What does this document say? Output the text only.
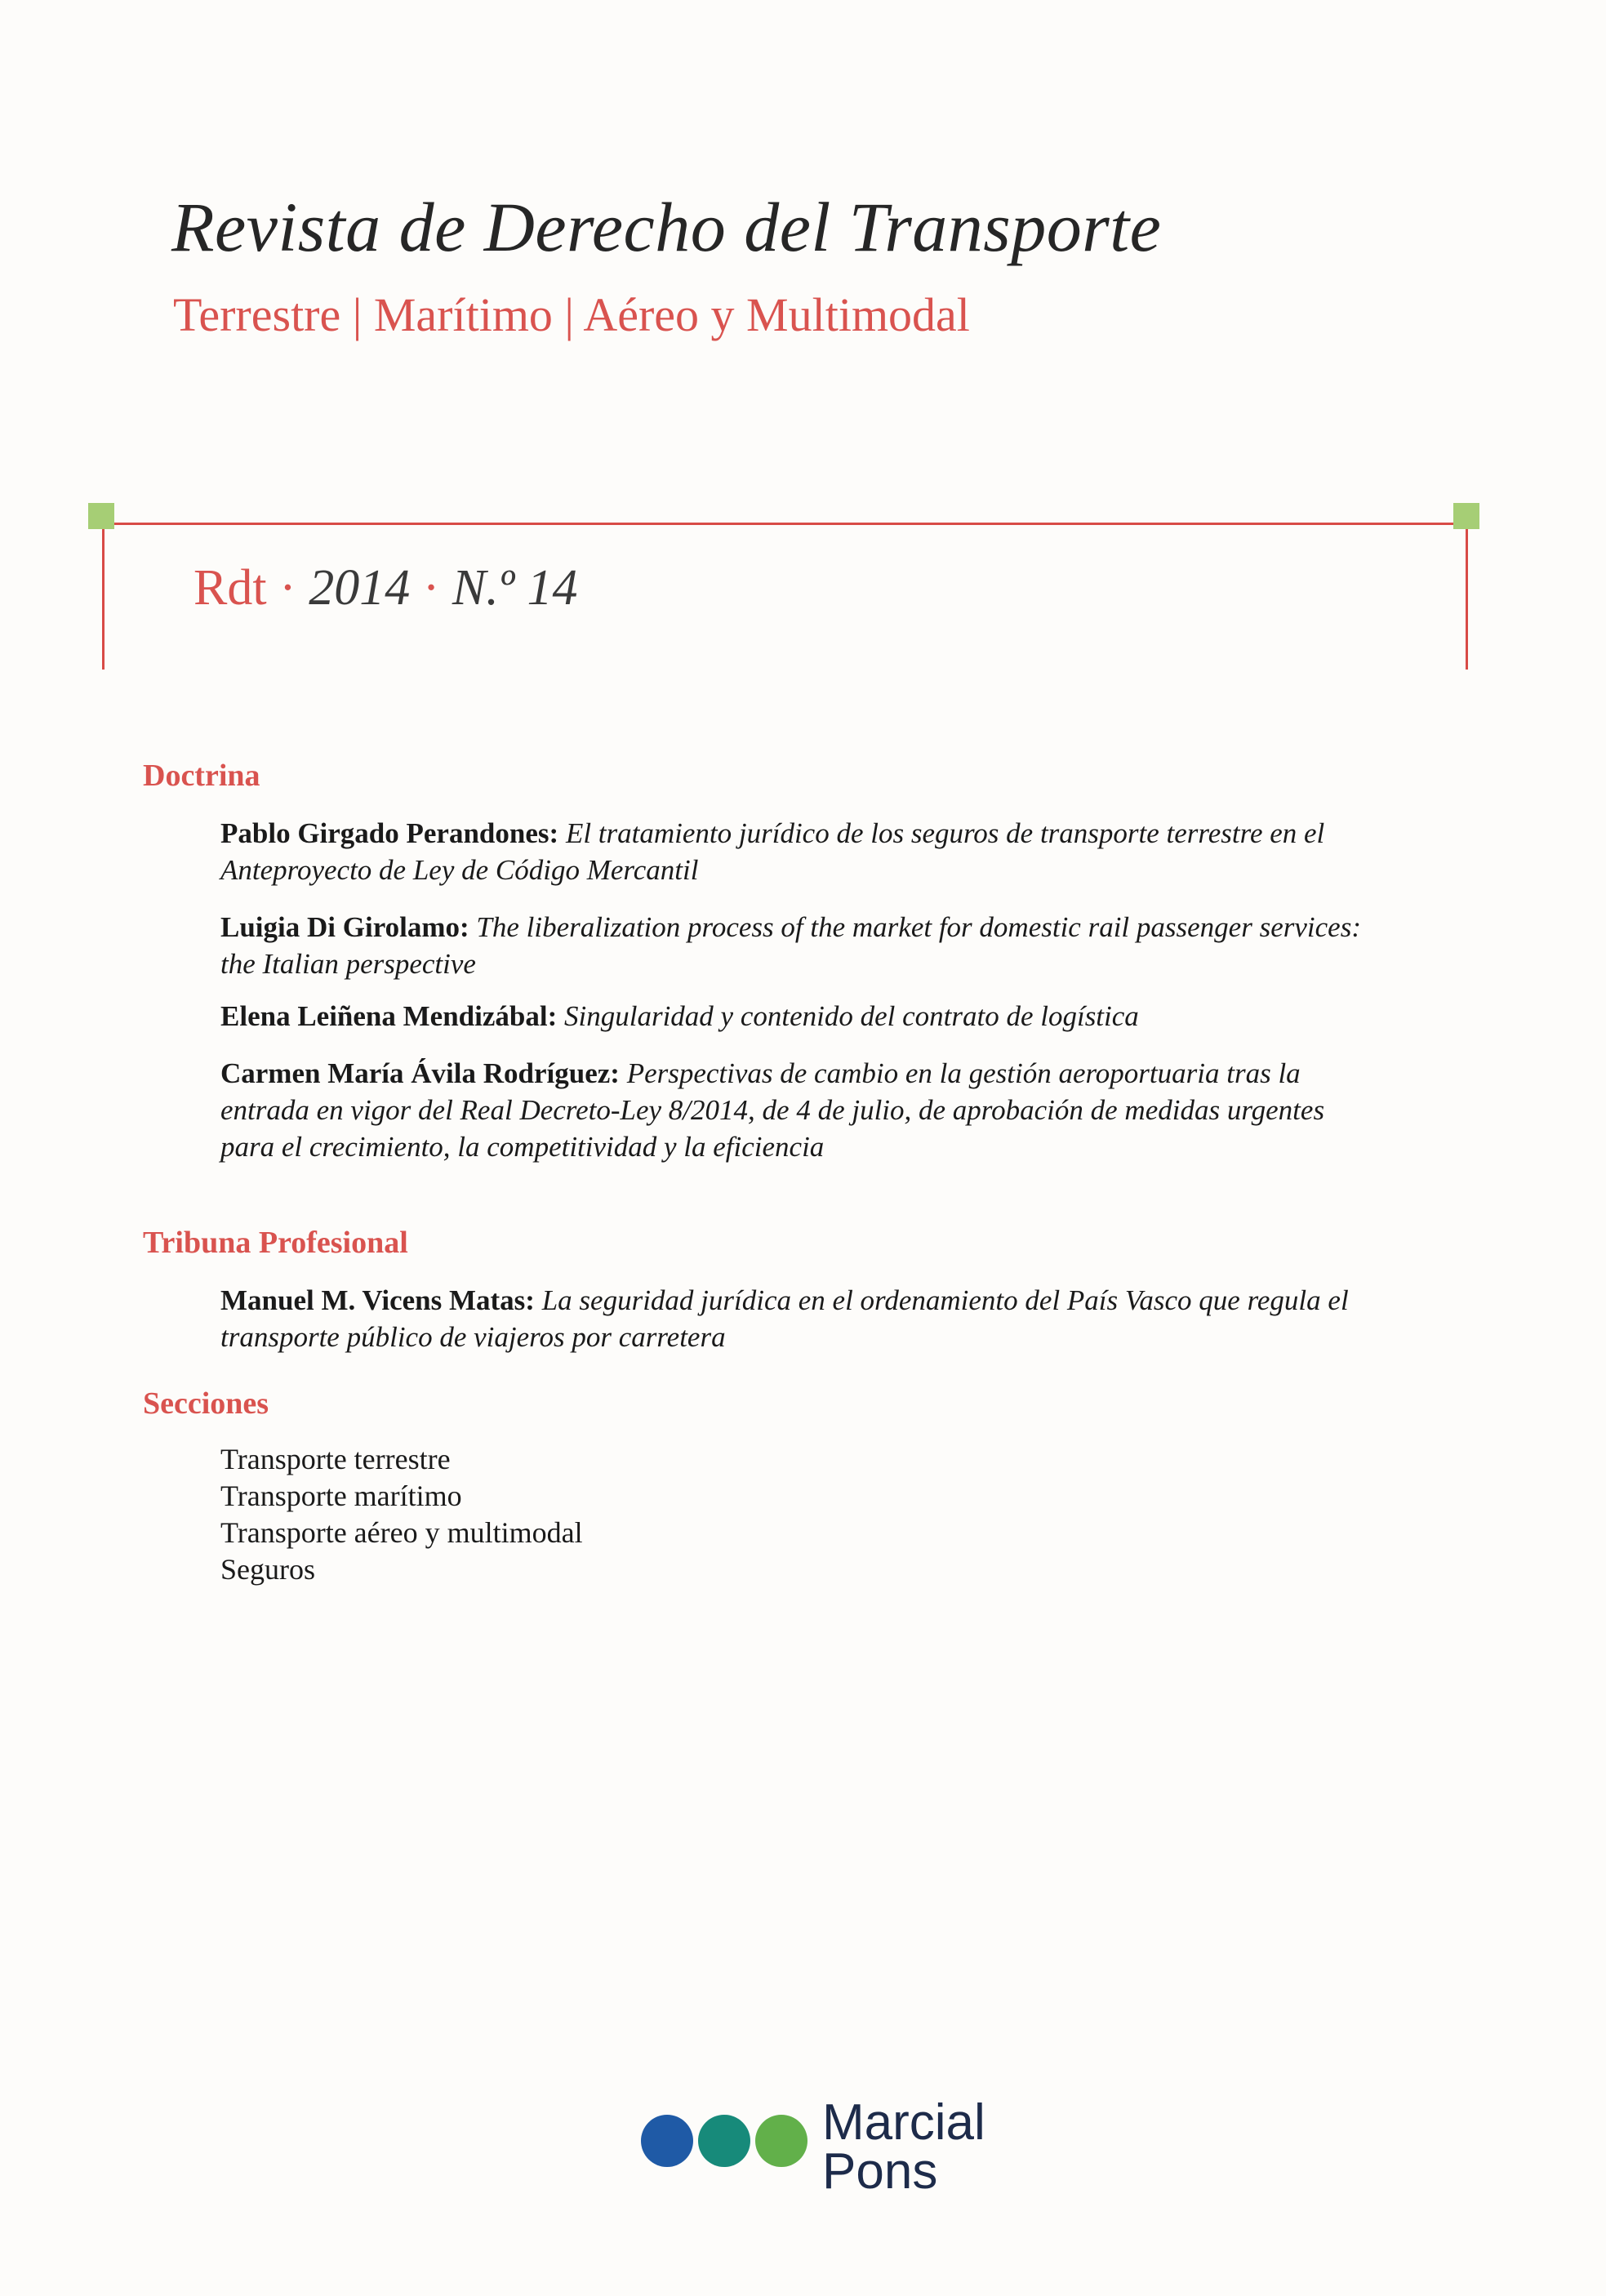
Revista de Derecho del Transporte
Terrestre | Marítimo | Aéreo y Multimodal
Rdt · 2014 · N.º 14
Doctrina
Pablo Girgado Perandones: El tratamiento jurídico de los seguros de transporte terrestre en el Anteproyecto de Ley de Código Mercantil
Luigia Di Girolamo: The liberalization process of the market for domestic rail passenger services: the Italian perspective
Elena Leiñena Mendizábal: Singularidad y contenido del contrato de logística
Carmen María Ávila Rodríguez: Perspectivas de cambio en la gestión aeroportuaria tras la entrada en vigor del Real Decreto-Ley 8/2014, de 4 de julio, de aprobación de medidas urgentes para el crecimiento, la competitividad y la eficiencia
Tribuna Profesional
Manuel M. Vicens Matas: La seguridad jurídica en el ordenamiento del País Vasco que regula el transporte público de viajeros por carretera
Secciones
Transporte terrestre
Transporte marítimo
Transporte aéreo y multimodal
Seguros
Marcial
Pons
